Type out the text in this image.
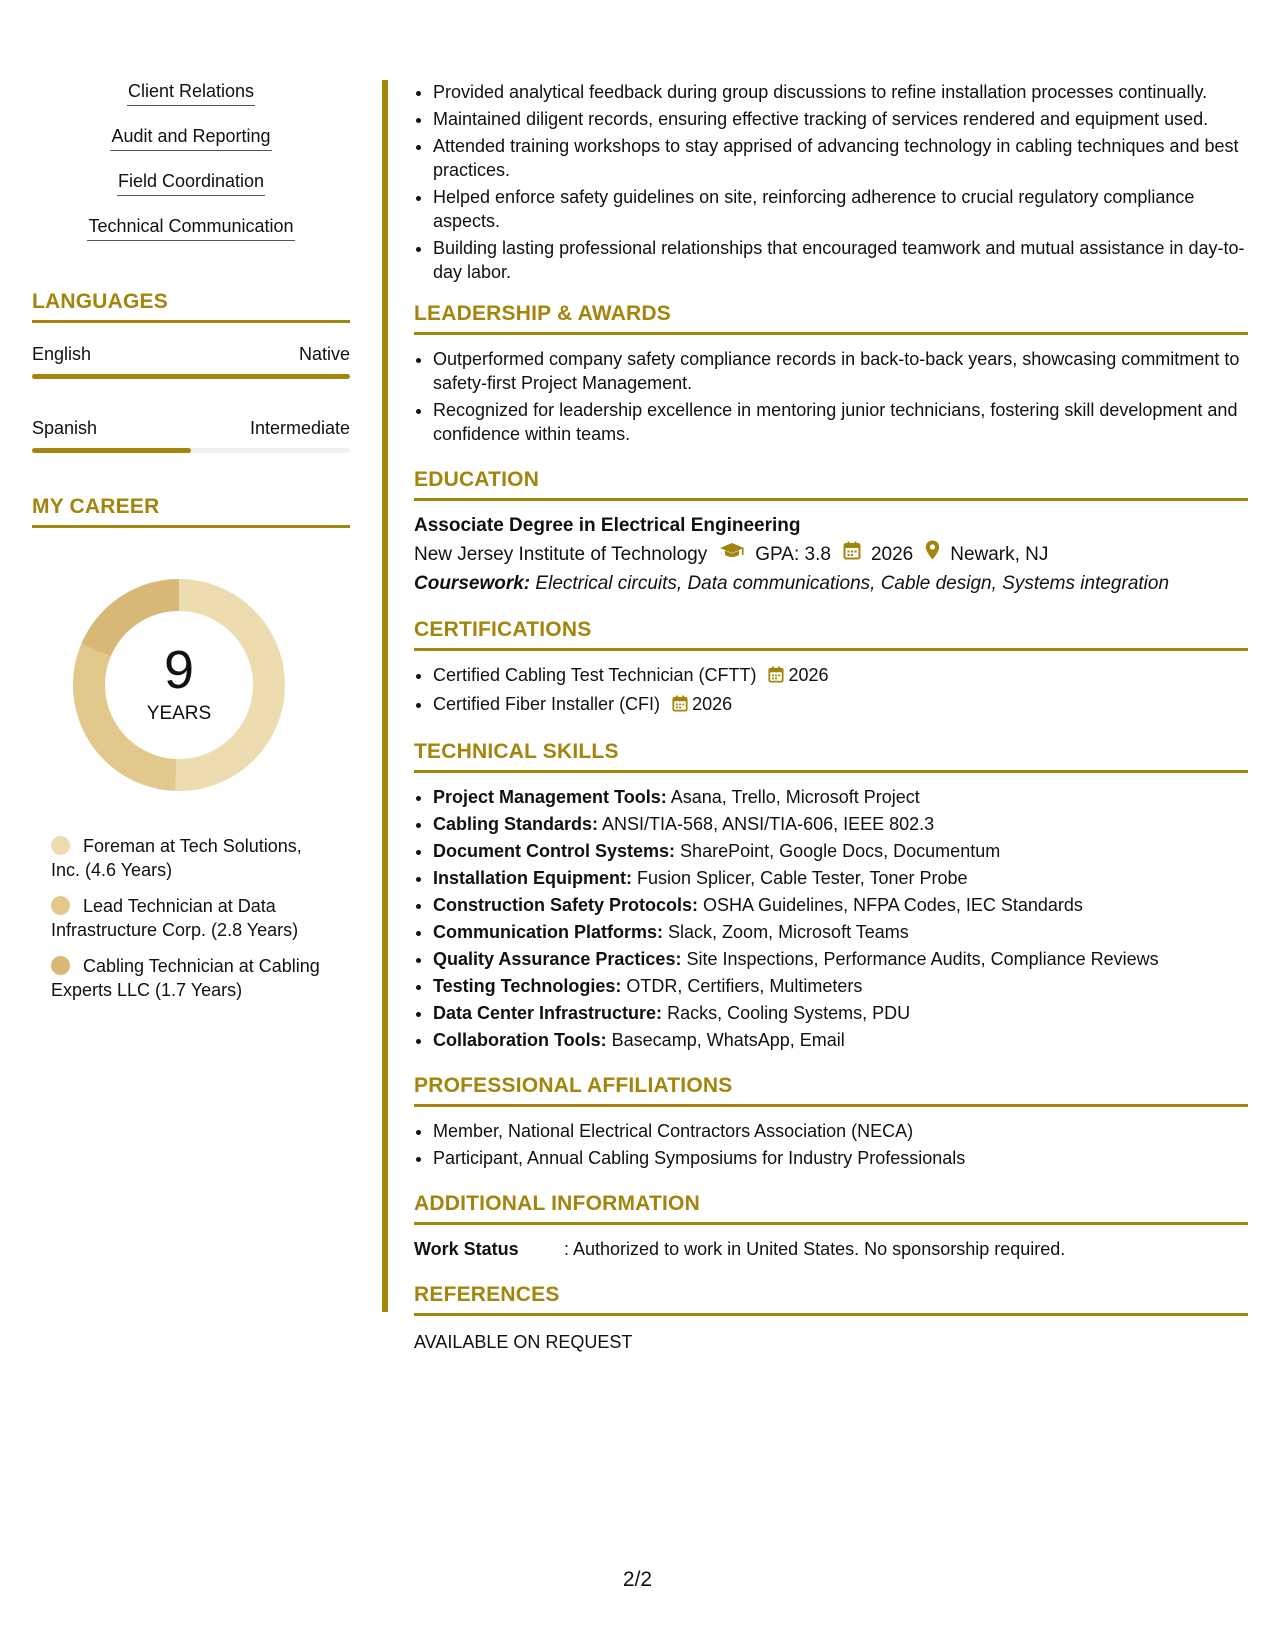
Client Relations
Audit and Reporting
Field Coordination
Technical Communication
LANGUAGES
English	Native
Spanish	Intermediate
MY CAREER
9
YEARS
Foreman at Tech Solutions, Inc. (4.6 Years)
Lead Technician at Data Infrastructure Corp. (2.8 Years)
Cabling Technician at Cabling Experts LLC (1.7 Years)
• Provided analytical feedback during group discussions to refine installation processes continually.
• Maintained diligent records, ensuring effective tracking of services rendered and equipment used.
• Attended training workshops to stay apprised of advancing technology in cabling techniques and best practices.
• Helped enforce safety guidelines on site, reinforcing adherence to crucial regulatory compliance aspects.
• Building lasting professional relationships that encouraged teamwork and mutual assistance in day-to-day labor.
LEADERSHIP & AWARDS
• Outperformed company safety compliance records in back-to-back years, showcasing commitment to safety-first Project Management.
• Recognized for leadership excellence in mentoring junior technicians, fostering skill development and confidence within teams.
EDUCATION
Associate Degree in Electrical Engineering
New Jersey Institute of Technology	GPA: 3.8 2026 Newark, NJ
Coursework: Electrical circuits, Data communications, Cable design, Systems integration
CERTIFICATIONS
• Certified Cabling Test Technician (CFTT) 2026
• Certified Fiber Installer (CFI) 2026
TECHNICAL SKILLS
• Project Management Tools: Asana, Trello, Microsoft Project
• Cabling Standards: ANSI/TIA-568, ANSI/TIA-606, IEEE 802.3
• Document Control Systems: SharePoint, Google Docs, Documentum
• Installation Equipment: Fusion Splicer, Cable Tester, Toner Probe
• Construction Safety Protocols: OSHA Guidelines, NFPA Codes, IEC Standards
• Communication Platforms: Slack, Zoom, Microsoft Teams
• Quality Assurance Practices: Site Inspections, Performance Audits, Compliance Reviews
• Testing Technologies: OTDR, Certifiers, Multimeters
• Data Center Infrastructure: Racks, Cooling Systems, PDU
• Collaboration Tools: Basecamp, WhatsApp, Email
PROFESSIONAL AFFILIATIONS
• Member, National Electrical Contractors Association (NECA)
• Participant, Annual Cabling Symposiums for Industry Professionals
ADDITIONAL INFORMATION
Work Status	: Authorized to work in United States. No sponsorship required.
REFERENCES
AVAILABLE ON REQUEST
2/2
